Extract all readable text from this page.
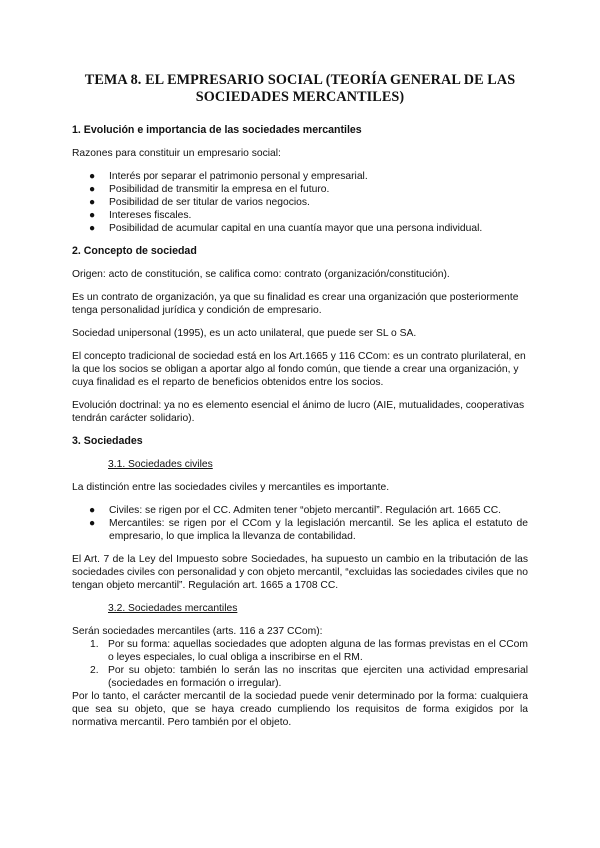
TEMA 8. EL EMPRESARIO SOCIAL (TEORÍA GENERAL DE LAS SOCIEDADES MERCANTILES)
1. Evolución e importancia de las sociedades mercantiles

Razones para constituir un empresario social:

● Interés por separar el patrimonio personal y empresarial.
● Posibilidad de transmitir la empresa en el futuro.
● Posibilidad de ser titular de varios negocios.
● Intereses fiscales.
● Posibilidad de acumular capital en una cuantía mayor que una persona individual.
2. Concepto de sociedad

Origen: acto de constitución, se califica como: contrato (organización/constitución).

Es un contrato de organización, ya que su finalidad es crear una organización que posteriormente tenga personalidad jurídica y condición de empresario.

Sociedad unipersonal (1995), es un acto unilateral, que puede ser SL o SA.

El concepto tradicional de sociedad está en los Art.1665 y 116 CCom: es un contrato plurilateral, en la que los socios se obligan a aportar algo al fondo común, que tiende a crear una organización, y cuya finalidad es el reparto de beneficios obtenidos entre los socios.

Evolución doctrinal: ya no es elemento esencial el ánimo de lucro (AIE, mutualidades, cooperativas tendrán carácter solidario).

3. Sociedades
3.1. Sociedades civiles

La distinción entre las sociedades civiles y mercantiles es importante.

● Civiles: se rigen por el CC. Admiten tener “objeto mercantil”. Regulación art. 1665 CC.
● Mercantiles: se rigen por el CCom y la legislación mercantil. Se les aplica el estatuto de empresario, lo que implica la llevanza de contabilidad.

El Art. 7 de la Ley del Impuesto sobre Sociedades, ha supuesto un cambio en la tributación de las sociedades civiles con personalidad y con objeto mercantil, “excluidas las sociedades civiles que no tengan objeto mercantil”. Regulación art. 1665 a 1708 CC.

3.2. Sociedades mercantiles

Serán sociedades mercantiles (arts. 116 a 237 CCom):

1. Por su forma: aquellas sociedades que adopten alguna de las formas previstas en el CCom o leyes especiales, lo cual obliga a inscribirse en el RM.
2. Por su objeto: también lo serán las no inscritas que ejerciten una actividad empresarial (sociedades en formación o irregular).

Por lo tanto, el carácter mercantil de la sociedad puede venir determinado por la forma: cualquiera que sea su objeto, que se haya creado cumpliendo los requisitos de forma exigidos por la normativa mercantil. Pero también por el objeto.
